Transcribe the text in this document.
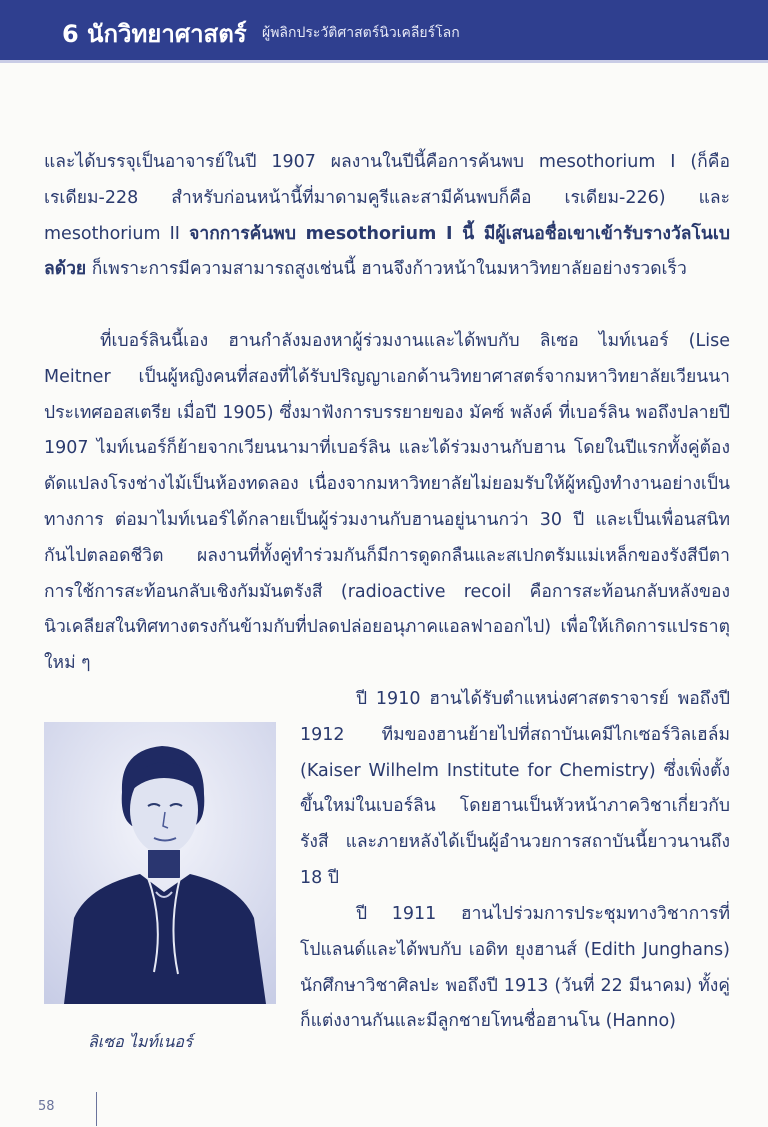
6 นักวิทยาศาสตร์ ผู้พลิกประวัติศาสตร์นิวเคลียร์โลก

และได้บรรจุเป็นอาจารย์ในปี 1907 ผลงานในปีนี้คือการค้นพบ mesothorium I (ก็คือ เรเดียม-228 สำหรับก่อนหน้านี้ที่มาดามคูรีและสามีค้นพบก็คือ เรเดียม-226) และ mesothorium II จากการค้นพบ mesothorium I นี้ มีผู้เสนอชื่อเขาเข้ารับรางวัลโนเบลด้วย ก็เพราะการมีความสามารถสูงเช่นนี้ ฮานจึงก้าวหน้าในมหาวิทยาลัยอย่างรวดเร็ว

ที่เบอร์ลินนี้เอง ฮานกำลังมองหาผู้ร่วมงานและได้พบกับ ลิเซอ ไมท์เนอร์ (Lise Meitner เป็นผู้หญิงคนที่สองที่ได้รับปริญญาเอกด้านวิทยาศาสตร์จากมหาวิทยาลัยเวียนนา ประเทศออสเตรีย เมื่อปี 1905) ซึ่งมาฟังการบรรยายของ มัคซ์ พลังค์ ที่เบอร์ลิน พอถึงปลายปี 1907 ไมท์เนอร์ก็ย้ายจากเวียนนามาที่เบอร์ลิน และได้ร่วมงานกับฮาน โดยในปีแรกทั้งคู่ต้องดัดแปลงโรงช่างไม้เป็นห้องทดลอง เนื่องจากมหาวิทยาลัยไม่ยอมรับให้ผู้หญิงทำงานอย่างเป็นทางการ ต่อมาไมท์เนอร์ได้กลายเป็นผู้ร่วมงานกับฮานอยู่นานกว่า 30 ปี และเป็นเพื่อนสนิทกันไปตลอดชีวิต ผลงานที่ทั้งคู่ทำร่วมกันก็มีการดูดกลืนและสเปกตรัมแม่เหล็กของรังสีบีตา การใช้การสะท้อนกลับเชิงกัมมันตรังสี (radioactive recoil คือการสะท้อนกลับหลังของนิวเคลียสในทิศทางตรงกันข้ามกับที่ปลดปล่อยอนุภาคแอลฟาออกไป) เพื่อให้เกิดการแปรธาตุใหม่ ๆ

ปี 1910 ฮานได้รับตำแหน่งศาสตราจารย์ พอถึงปี 1912 ทีมของฮานย้ายไปที่สถาบันเคมีไกเซอร์วิลเฮล์ม (Kaiser Wilhelm Institute for Chemistry) ซึ่งเพิ่งตั้งขึ้นใหม่ในเบอร์ลิน โดยฮานเป็นหัวหน้าภาควิชาเกี่ยวกับรังสี และภายหลังได้เป็นผู้อำนวยการสถาบันนี้ยาวนานถึง 18 ปี

ปี 1911 ฮานไปร่วมการประชุมทางวิชาการที่โปแลนด์และได้พบกับ เอดิท ยุงฮานส์ (Edith Junghans) นักศึกษาวิชาศิลปะ พอถึงปี 1913 (วันที่ 22 มีนาคม) ทั้งคู่ก็แต่งงานกันและมีลูกชายโทนชื่อฮานโน (Hanno)

ลิเซอ ไมท์เนอร์
58
